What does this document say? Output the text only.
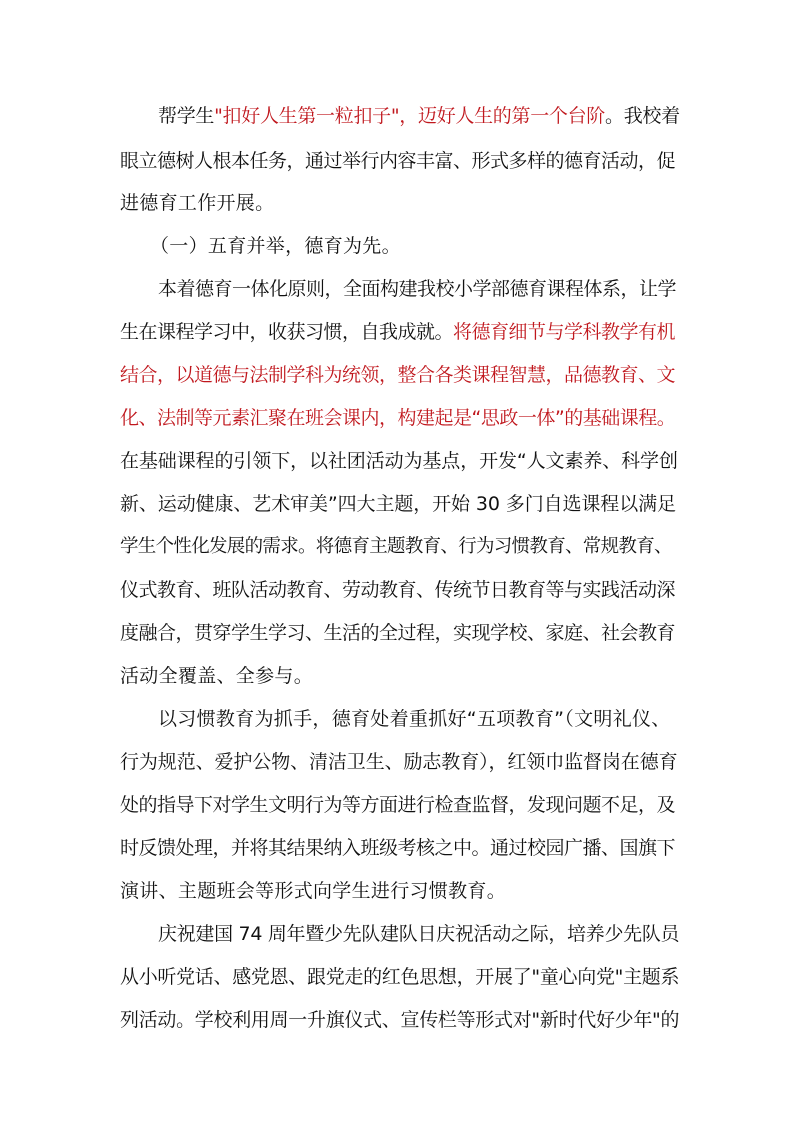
帮学生"扣好人生第一粒扣子"，迈好人生的第一个台阶。我校着
眼立德树人根本任务，通过举行内容丰富、形式多样的德育活动，促
进德育工作开展。
（一）五育并举，德育为先。
本着德育一体化原则，全面构建我校小学部德育课程体系，让学
生在课程学习中，收获习惯，自我成就。将德育细节与学科教学有机
结合，以道德与法制学科为统领，整合各类课程智慧，品德教育、文
化、法制等元素汇聚在班会课内，构建起是“思政一体”的基础课程。
在基础课程的引领下，以社团活动为基点，开发“人文素养、科学创
新、运动健康、艺术审美”四大主题，开始 30 多门自选课程以满足
学生个性化发展的需求。将德育主题教育、行为习惯教育、常规教育、
仪式教育、班队活动教育、劳动教育、传统节日教育等与实践活动深
度融合，贯穿学生学习、生活的全过程，实现学校、家庭、社会教育
活动全覆盖、全参与。
以习惯教育为抓手，德育处着重抓好“五项教育”（文明礼仪、
行为规范、爱护公物、清洁卫生、励志教育），红领巾监督岗在德育
处的指导下对学生文明行为等方面进行检查监督，发现问题不足，及
时反馈处理，并将其结果纳入班级考核之中。通过校园广播、国旗下
演讲、主题班会等形式向学生进行习惯教育。
庆祝建国 74 周年暨少先队建队日庆祝活动之际，培养少先队员
从小听党话、感党恩、跟党走的红色思想，开展了"童心向党"主题系
列活动。学校利用周一升旗仪式、宣传栏等形式对"新时代好少年"的
